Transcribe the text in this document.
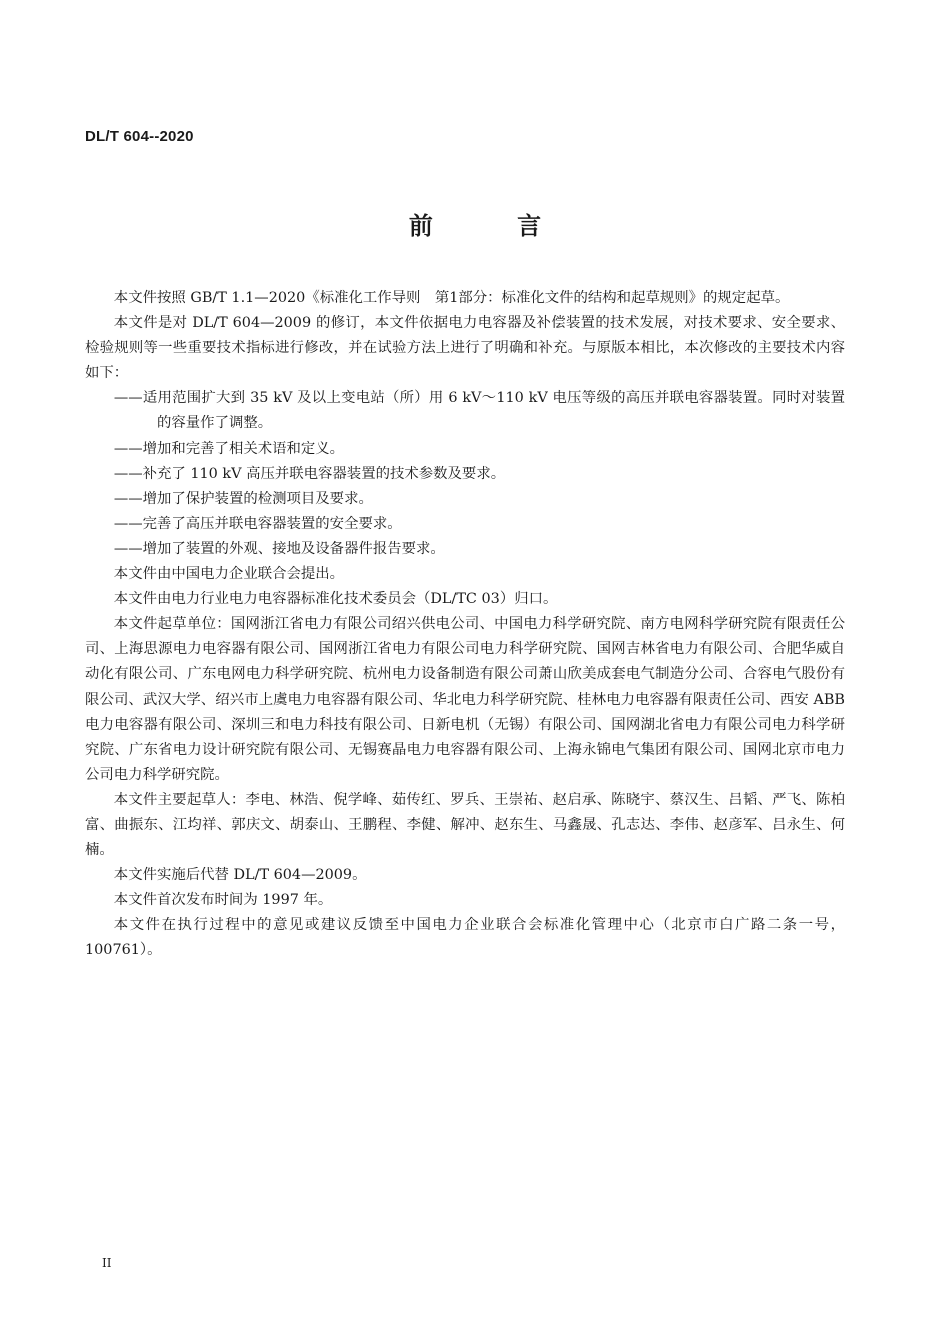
DL/T 604--2020
前 言

本文件按照 GB/T 1.1—2020《标准化工作导则　第1部分：标准化文件的结构和起草规则》的规定起草。

本文件是对 DL/T 604—2009 的修订，本文件依据电力电容器及补偿装置的技术发展，对技术要求、安全要求、检验规则等一些重要技术指标进行修改，并在试验方法上进行了明确和补充。与原版本相比，本次修改的主要技术内容如下：

——适用范围扩大到 35 kV 及以上变电站（所）用 6 kV～110 kV 电压等级的高压并联电容器装置。同时对装置的容量作了调整。

——增加和完善了相关术语和定义。

——补充了 110 kV 高压并联电容器装置的技术参数及要求。

——增加了保护装置的检测项目及要求。

——完善了高压并联电容器装置的安全要求。

——增加了装置的外观、接地及设备器件报告要求。

本文件由中国电力企业联合会提出。

本文件由电力行业电力电容器标准化技术委员会（DL/TC 03）归口。

本文件起草单位：国网浙江省电力有限公司绍兴供电公司、中国电力科学研究院、南方电网科学研究院有限责任公司、上海思源电力电容器有限公司、国网浙江省电力有限公司电力科学研究院、国网吉林省电力有限公司、合肥华威自动化有限公司、广东电网电力科学研究院、杭州电力设备制造有限公司萧山欣美成套电气制造分公司、合容电气股份有限公司、武汉大学、绍兴市上虞电力电容器有限公司、华北电力科学研究院、桂林电力电容器有限责任公司、西安 ABB 电力电容器有限公司、深圳三和电力科技有限公司、日新电机（无锡）有限公司、国网湖北省电力有限公司电力科学研究院、广东省电力设计研究院有限公司、无锡赛晶电力电容器有限公司、上海永锦电气集团有限公司、国网北京市电力公司电力科学研究院。

本文件主要起草人：李电、林浩、倪学峰、茹传红、罗兵、王崇祐、赵启承、陈晓宇、蔡汉生、吕韬、严飞、陈柏富、曲振东、江均祥、郭庆文、胡泰山、王鹏程、李健、解冲、赵东生、马鑫晟、孔志达、李伟、赵彦军、吕永生、何楠。

本文件实施后代替 DL/T 604—2009。

本文件首次发布时间为 1997 年。

本文件在执行过程中的意见或建议反馈至中国电力企业联合会标准化管理中心（北京市白广路二条一号，100761）。

II
